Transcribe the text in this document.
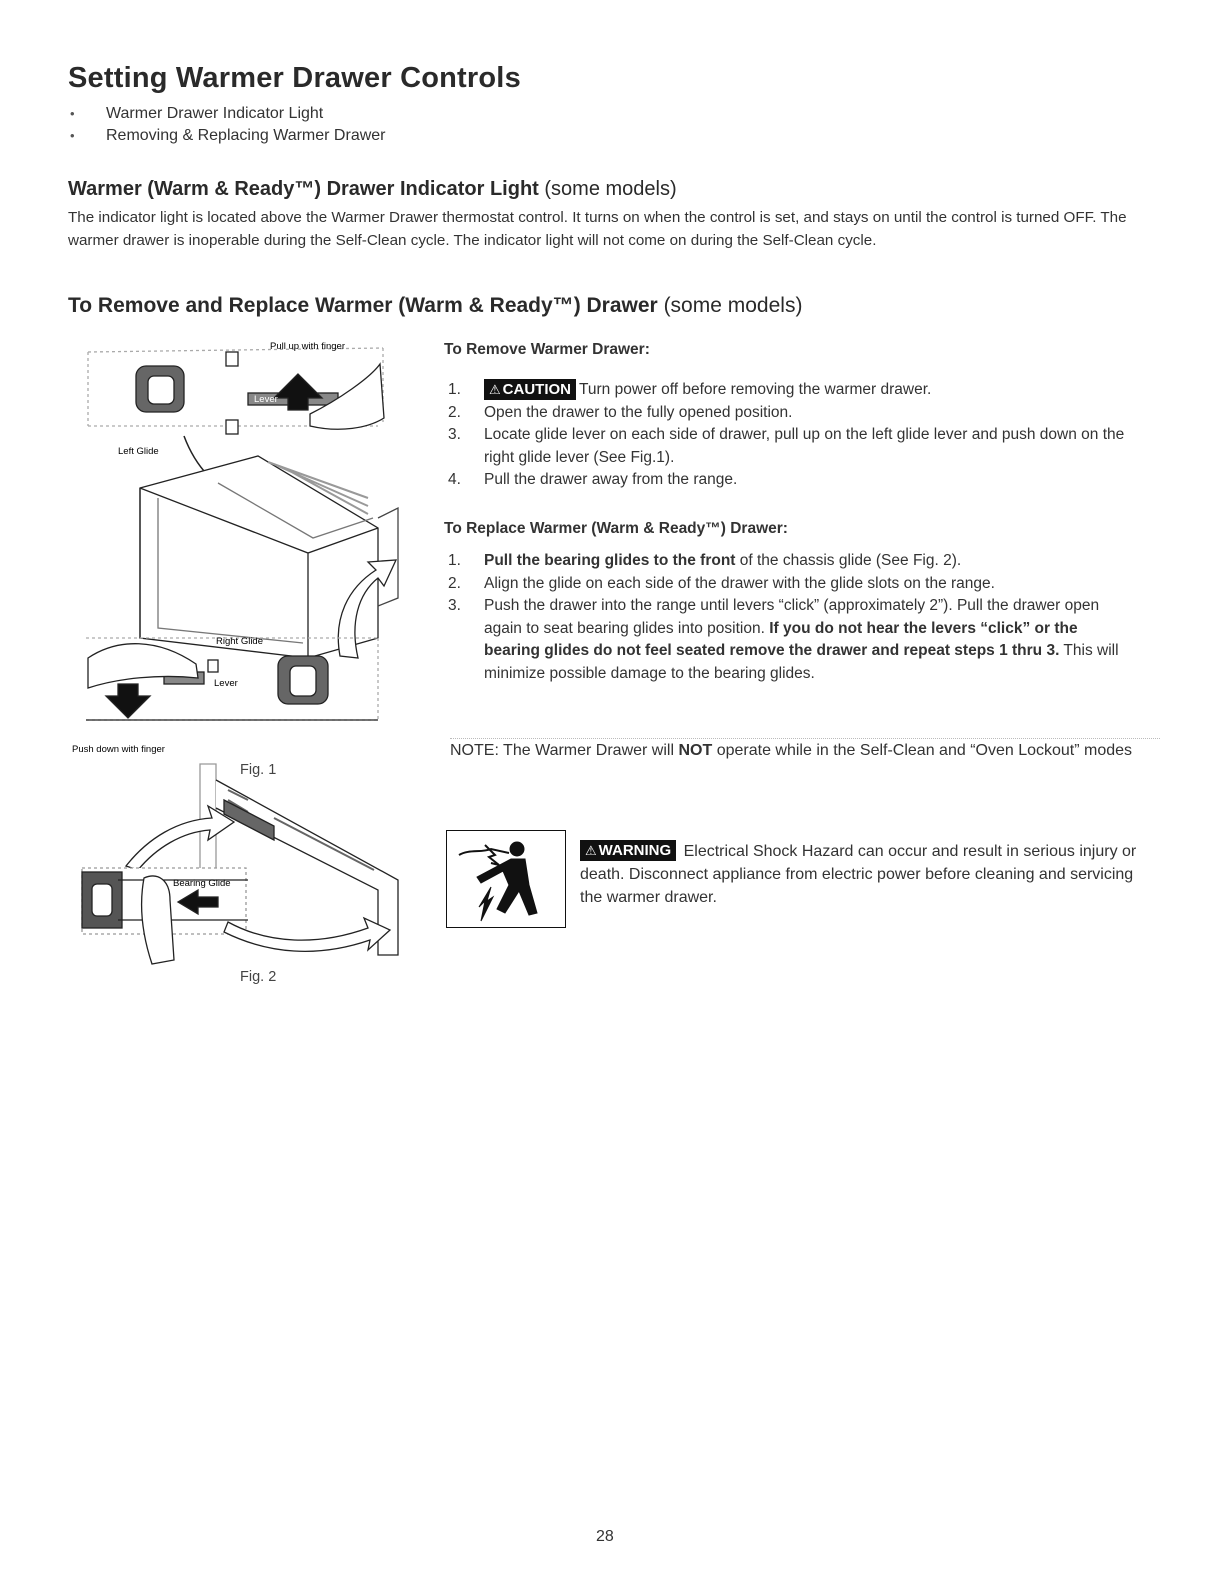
Setting Warmer Drawer Controls
• Warmer Drawer Indicator Light
• Removing & Replacing Warmer Drawer
Warmer (Warm & Ready™) Drawer Indicator Light (some models)

The indicator light is located above the Warmer Drawer thermostat control. It turns on when the control is set, and stays on until the control is turned OFF. The warmer drawer is inoperable during the Self-Clean cycle. The indicator light will not come on during the Self-Clean cycle.

To Remove and Replace Warmer (Warm & Ready™) Drawer (some models)
Pull up with finger
Left Glide
Right Glide
Lever
Push down with finger
Lever
Fig. 1
Bearing Glide
Fig. 2
To Remove Warmer Drawer:
1. ⚠ CAUTION Turn power off before removing the warmer drawer.
2. Open the drawer to the fully opened position.
3. Locate glide lever on each side of drawer, pull up on the left glide lever and push down on the right glide lever (See Fig.1).
4. Pull the drawer away from the range.
To Replace Warmer (Warm & Ready™) Drawer:
1. Pull the bearing glides to the front of the chassis glide (See Fig. 2).
2. Align the glide on each side of the drawer with the glide slots on the range.
3. Push the drawer into the range until levers “click” (approximately 2”). Pull the drawer open again to seat bearing glides into position. If you do not hear the levers “click” or the bearing glides do not feel seated remove the drawer and repeat steps 1 thru 3. This will minimize possible damage to the bearing glides.

NOTE: The Warmer Drawer will NOT operate while in the Self-Clean and “Oven Lockout” modes

⚠ WARNING Electrical Shock Hazard can occur and result in serious injury or death. Disconnect appliance from electric power before cleaning and servicing the warmer drawer.

28
